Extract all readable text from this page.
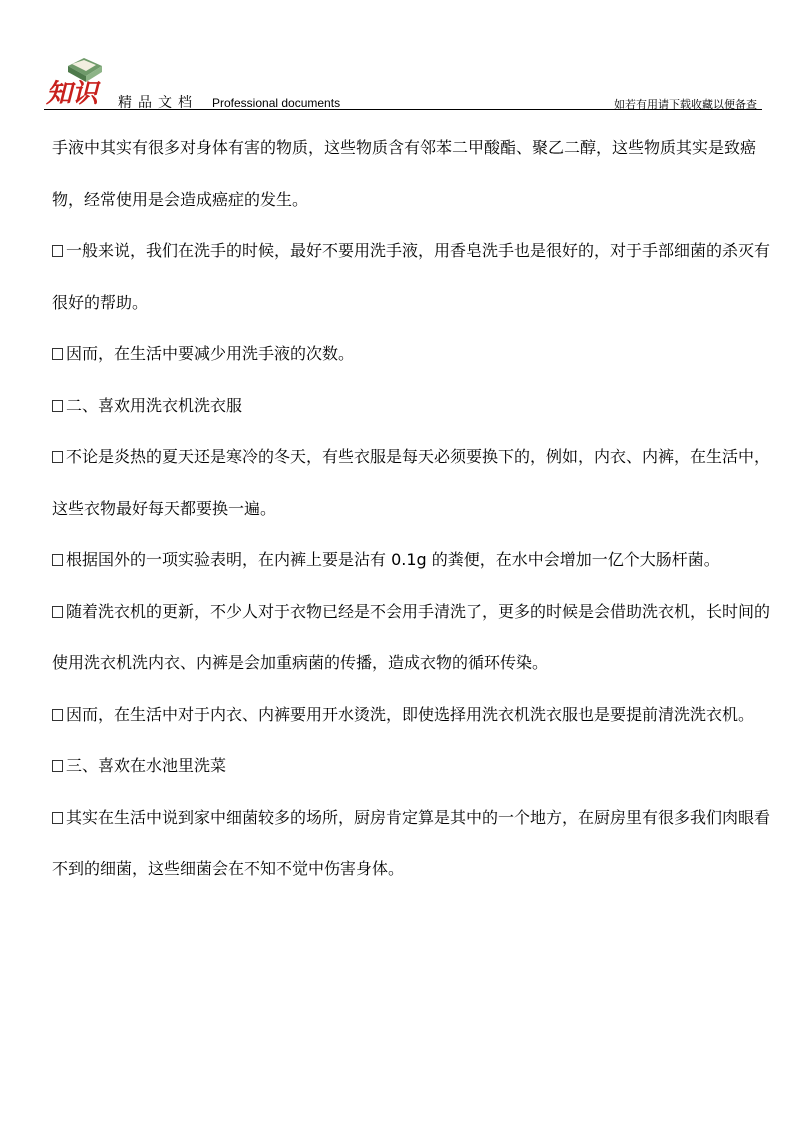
知识 精品文档 Professional documents	如若有用请下载收藏以便备查

手液中其实有很多对身体有害的物质，这些物质含有邻苯二甲酸酯、聚乙二醇，这些物质其实是致癌物，经常使用是会造成癌症的发生。

一般来说，我们在洗手的时候，最好不要用洗手液，用香皂洗手也是很好的，对于手部细菌的杀灭有很好的帮助。

因而，在生活中要减少用洗手液的次数。

二、喜欢用洗衣机洗衣服

不论是炎热的夏天还是寒冷的冬天，有些衣服是每天必须要换下的，例如，内衣、内裤，在生活中，这些衣物最好每天都要换一遍。

根据国外的一项实验表明，在内裤上要是沾有 0.1g 的粪便，在水中会增加一亿个大肠杆菌。

随着洗衣机的更新，不少人对于衣物已经是不会用手清洗了，更多的时候是会借助洗衣机，长时间的使用洗衣机洗内衣、内裤是会加重病菌的传播，造成衣物的循环传染。

因而，在生活中对于内衣、内裤要用开水烫洗，即使选择用洗衣机洗衣服也是要提前清洗洗衣机。

三、喜欢在水池里洗菜

其实在生活中说到家中细菌较多的场所，厨房肯定算是其中的一个地方，在厨房里有很多我们肉眼看不到的细菌，这些细菌会在不知不觉中伤害身体。
